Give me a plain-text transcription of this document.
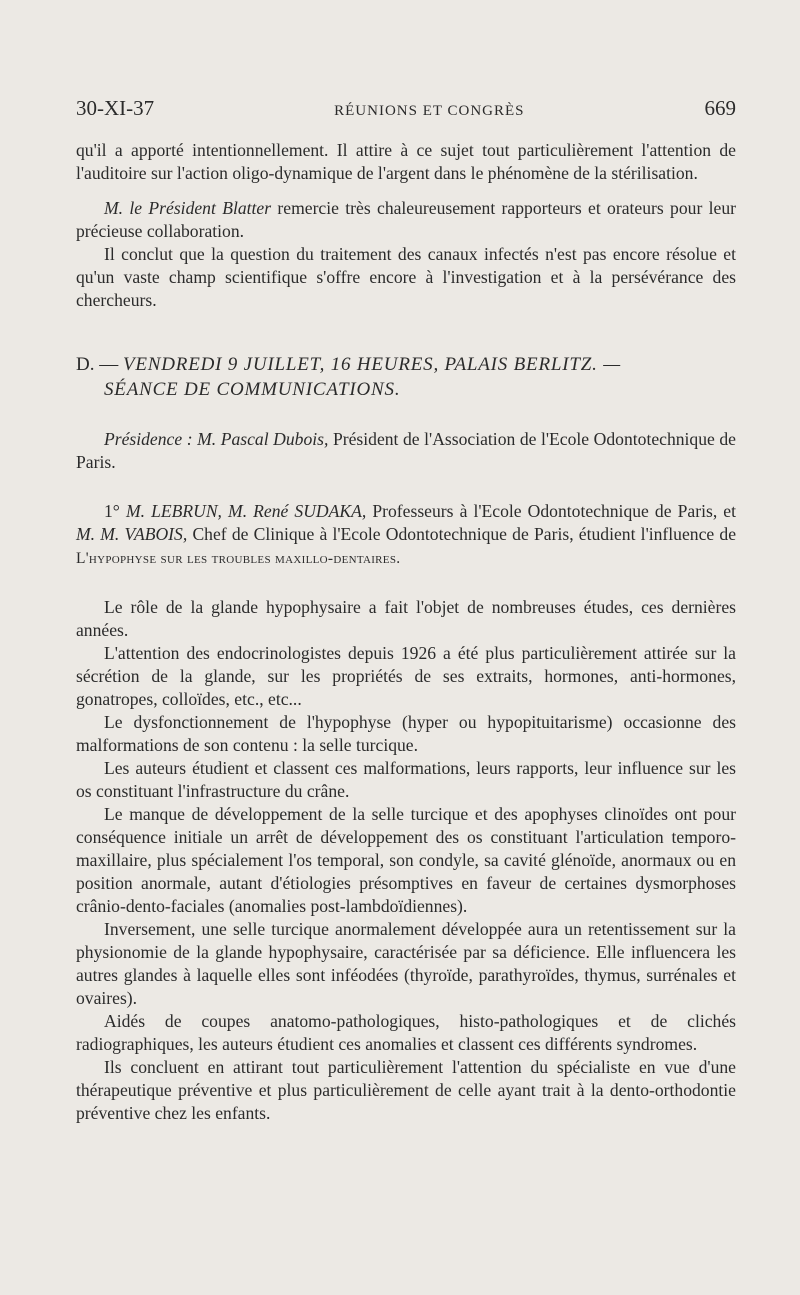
30-XI-37	RÉUNIONS ET CONGRÈS	669

qu'il a apporté intentionnellement. Il attire à ce sujet tout particulièrement l'attention de l'auditoire sur l'action oligo-dynamique de l'argent dans le phénomène de la stérilisation.

M. le Président Blatter remercie très chaleureusement rapporteurs et orateurs pour leur précieuse collaboration.

Il conclut que la question du traitement des canaux infectés n'est pas encore résolue et qu'un vaste champ scientifique s'offre encore à l'investigation et à la persévérance des chercheurs.

D. — VENDREDI 9 JUILLET, 16 HEURES, PALAIS BERLITZ. —
SÉANCE DE COMMUNICATIONS.

Présidence : M. Pascal Dubois, Président de l'Association de l'Ecole Odontotechnique de Paris.

1° M. LEBRUN, M. René SUDAKA, Professeurs à l'Ecole Odontotechnique de Paris, et M. M. VABOIS, Chef de Clinique à l'Ecole Odontotechnique de Paris, étudient l'influence de L'hypophyse sur les troubles maxillo-dentaires.

Le rôle de la glande hypophysaire a fait l'objet de nombreuses études, ces dernières années.

L'attention des endocrinologistes depuis 1926 a été plus particulièrement attirée sur la sécrétion de la glande, sur les propriétés de ses extraits, hormones, anti-hormones, gonatropes, colloïdes, etc., etc...

Le dysfonctionnement de l'hypophyse (hyper ou hypopituitarisme) occasionne des malformations de son contenu : la selle turcique.

Les auteurs étudient et classent ces malformations, leurs rapports, leur influence sur les os constituant l'infrastructure du crâne.

Le manque de développement de la selle turcique et des apophyses clinoïdes ont pour conséquence initiale un arrêt de développement des os constituant l'articulation temporo-maxillaire, plus spécialement l'os temporal, son condyle, sa cavité glénoïde, anormaux ou en position anormale, autant d'étiologies présomptives en faveur de certaines dysmorphoses crânio-dento-faciales (anomalies post-lambdoïdiennes).

Inversement, une selle turcique anormalement développée aura un retentissement sur la physionomie de la glande hypophysaire, caractérisée par sa déficience. Elle influencera les autres glandes à laquelle elles sont inféodées (thyroïde, parathyroïdes, thymus, surrénales et ovaires).

Aidés de coupes anatomo-pathologiques, histo-pathologiques et de clichés radiographiques, les auteurs étudient ces anomalies et classent ces différents syndromes.

Ils concluent en attirant tout particulièrement l'attention du spécialiste en vue d'une thérapeutique préventive et plus particulièrement de celle ayant trait à la dento-orthodontie préventive chez les enfants.
